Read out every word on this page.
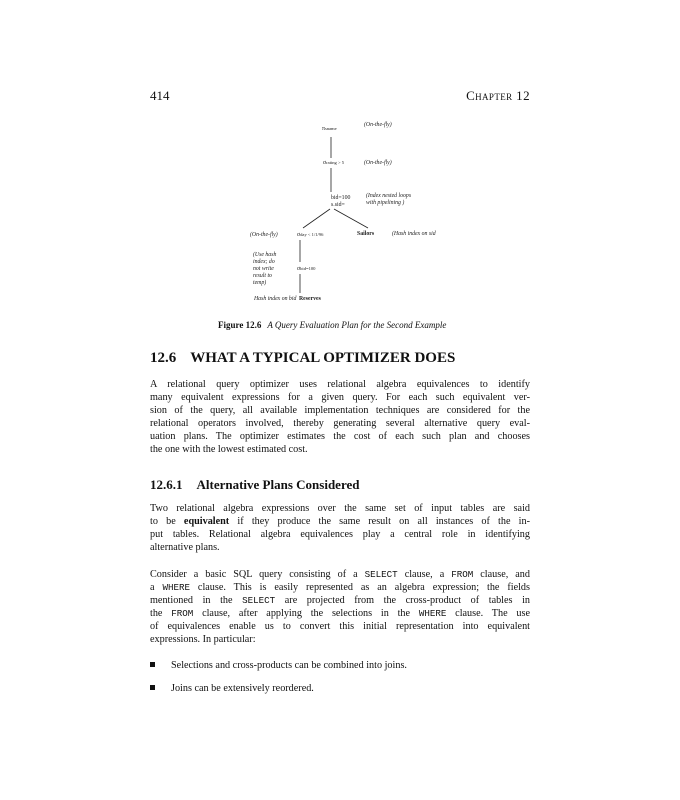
414	Chapter 12
πsname
(On-the-fly)
σrating > 5	(On-the-fly)
bid=100
s.sid=
(Index nested loops
with pipelining )
(On-the-fly)	σday < 1/1/96	Sailors	(Hash index on sid
(Use hash
index; do
not write
result to
temp)
σbid=100
Hash index on bid Reserves
Figure 12.6 A Query Evaluation Plan for the Second Example
12.6 WHAT A TYPICAL OPTIMIZER DOES
A relational query optimizer uses relational algebra equivalences to identify
many equivalent expressions for a given query. For each such equivalent ver-
sion of the query, all available implementation techniques are considered for the
relational operators involved, thereby generating several alternative query eval-
uation plans. The optimizer estimates the cost of each such plan and chooses
the one with the lowest estimated cost.
12.6.1 Alternative Plans Considered
Two relational algebra expressions over the same set of input tables are said
to be equivalent if they produce the same result on all instances of the in-
put tables. Relational algebra equivalences play a central role in identifying
alternative plans.
Consider a basic SQL query consisting of a SELECT clause, a FROM clause, and
a WHERE clause. This is easily represented as an algebra expression; the fields
mentioned in the SELECT are projected from the cross-product of tables in
the FROM clause, after applying the selections in the WHERE clause. The use
of equivalences enable us to convert this initial representation into equivalent
expressions. In particular:
Selections and cross-products can be combined into joins.
Joins can be extensively reordered.
